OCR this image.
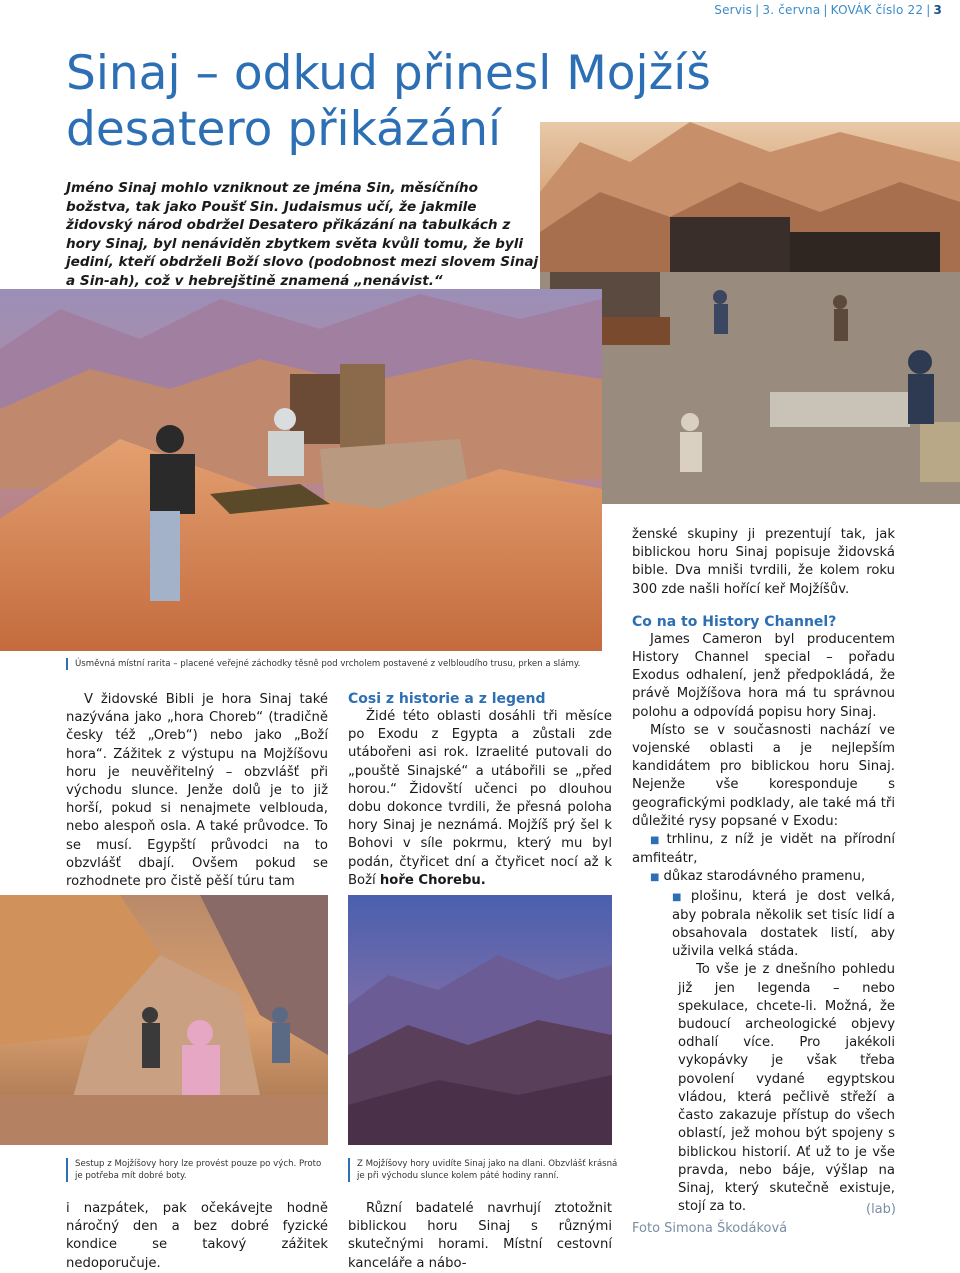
Servis | 3. června | KOVÁK číslo 22 | 3
Sinaj – odkud přinesl Mojžíš
desatero přikázání
Jméno Sinaj mohlo vzniknout ze jména Sin, měsíčního božstva, tak jako Poušť Sin. Judaismus učí, že jakmile židovský národ obdržel Desatero přikázání na tabulkách z hory Sinaj, byl nenáviděn zbytkem světa kvůli tomu, že byli jediní, kteří obdrželi Boží slovo (podobnost mezi slovem Sinaj a Sin-ah), což v hebrejštině znamená „nenávist.“
Úsměvná místní rarita – placené veřejné záchodky těsně pod vrcholem postavené z velbloudího trusu, prken a slámy.

V židovské Bibli je hora Sinaj také nazývána jako „hora Choreb“ (tradičně česky též „Oreb“) nebo jako „Boží hora“. Zážitek z výstupu na Mojžíšovu horu je neuvěřitelný – obzvlášť při východu slunce. Jenže dolů je to již horší, pokud si nenajmete velblouda, nebo alespoň osla. A také průvodce. To se musí. Egypští průvodci na to obzvlášť dbají. Ovšem pokud se rozhodnete pro čistě pěší túru tam

Cosi z historie a z legend

Židé této oblasti dosáhli tři měsíce po Exodu z Egypta a zůstali zde utábořeni asi rok. Izraelité putovali do „pouště Sinajské“ a utábořili se „před horou.“ Židovští učenci po dlouhou dobu dokonce tvrdili, že přesná poloha hory Sinaj je neznámá. Mojžíš prý šel k Bohovi v síle pokrmu, který mu byl podán, čtyřicet dní a čtyřicet nocí až k Boží hoře Chorebu.

ženské skupiny ji prezentují tak, jak biblickou horu Sinaj popisuje židovská bible. Dva mniši tvrdili, že kolem roku 300 zde našli hořící keř Mojžíšův.

Co na to History Channel?

James Cameron byl producentem History Channel special – pořadu Exodus odhalení, jenž předpokládá, že právě Mojžíšova hora má tu správnou polohu a odpovídá popisu hory Sinaj.

Místo se v současnosti nachází ve vojenské oblasti a je nejlepším kandidátem pro biblickou horu Sinaj. Nejenže vše koresponduje s geografickými podklady, ale také má tři důležité rysy popsané v Exodu:

■ trhlinu, z níž je vidět na přírodní amfiteátr,

■ důkaz starodávného pramenu,

■ plošinu, která je dost velká, aby pobrala několik set tisíc lidí a obsahovala dostatek listí, aby uživila velká stáda.

To vše je z dnešního pohledu již jen legenda – nebo spekulace, chcete-li. Možná, že budoucí archeologické objevy odhalí více. Pro jakékoli vykopávky je však třeba povolení vydané egyptskou vládou, která pečlivě střeží a často zakazuje přístup do všech oblastí, jež mohou být spojeny s biblickou historií. Ať už to je vše pravda, nebo báje, výšlap na Sinaj, který skutečně existuje, stojí za to.

Sestup z Mojžíšovy hory lze provést pouze po vých. Proto je potřeba mít dobré boty.
Z Mojžíšovy hory uvidíte Sinaj jako na dlani. Obzvlášť krásná je při východu slunce kolem páté hodiny ranní.
i nazpátek, pak očekávejte hodně náročný den a bez dobré fyzické kondice se takový zážitek nedoporučuje.
Různí badatelé navrhují ztotožnit biblickou horu Sinaj s různými skutečnými horami. Místní cestovní kanceláře a nábo-
Foto Simona Škodáková
(lab)
